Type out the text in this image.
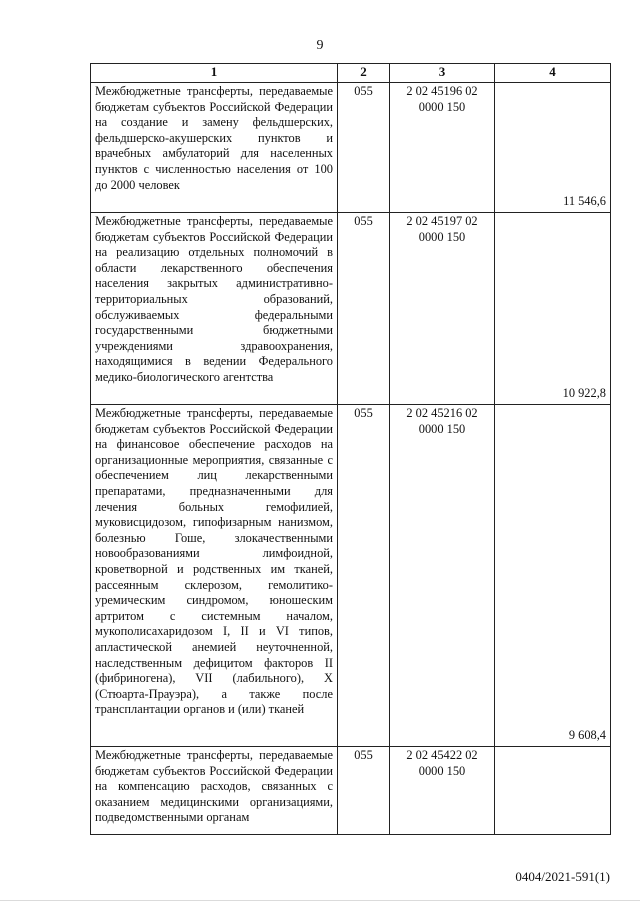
9
1	2	3	4
Межбюджетные трансферты, передаваемые бюджетам субъектов Российской Федерации на создание и замену фельдшерских, фельдшерско-акушерских пунктов и врачебных амбулаторий для населенных пунктов с численностью населения от 100 до 2000 человек	055	2 02 45196 02 0000 150	11 546,6
Межбюджетные трансферты, передаваемые бюджетам субъектов Российской Федерации на реализацию отдельных полномочий в области лекарственного обеспечения населения закрытых административно-территориальных образований, обслуживаемых федеральными государственными бюджетными учреждениями здравоохранения, находящимися в ведении Федерального медико-биологического агентства	055	2 02 45197 02 0000 150	10 922,8
Межбюджетные трансферты, передаваемые бюджетам субъектов Российской Федерации на финансовое обеспечение расходов на организационные мероприятия, связанные с обеспечением лиц лекарственными препаратами, предназначенными для лечения больных гемофилией, муковисцидозом, гипофизарным нанизмом, болезнью Гоше, злокачественными новообразованиями лимфоидной, кроветворной и родственных им тканей, рассеянным склерозом, гемолитико-уремическим синдромом, юношеским артритом с системным началом, мукополисахаридозом I, II и VI типов, апластической анемией неуточненной, наследственным дефицитом факторов II (фибриногена), VII (лабильного), X (Стюарта-Прауэра), а также после трансплантации органов и (или) тканей	055	2 02 45216 02 0000 150	9 608,4
Межбюджетные трансферты, передаваемые бюджетам субъектов Российской Федерации на компенсацию расходов, связанных с оказанием медицинскими организациями, подведомственными органам	055	2 02 45422 02 0000 150	
0404/2021-591(1)
